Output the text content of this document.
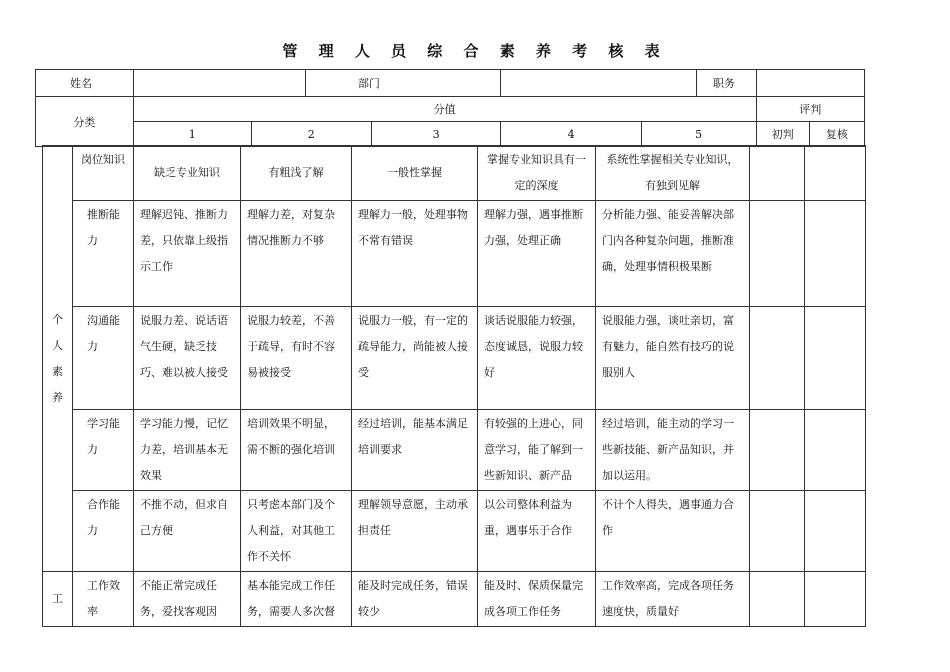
管 理 人 员 综 合 素 养 考 核 表
姓名			部门				职务		
分类	分值							评判	
	1	2		3	4	5		初判	复核
个
人
素
养	岗位知识	缺乏专业知识	有粗浅了解	一般性掌握	掌握专业知识具有一定的深度	系统性掌握相关专业知识，有独到见解		
	推断能力	理解迟钝、推断力差，只依靠上级指示工作	理解力差，对复杂情况推断力不够	理解力一般，处理事物不常有错误	理解力强，遇事推断力强，处理正确	分析能力强、能妥善解决部门内各种复杂问题，推断准确，处理事情积极果断		
	沟通能力	说服力差、说话语气生硬，缺乏技巧、难以被人接受	说服力较差，不善于疏导，有时不容易被接受	说服力一般，有一定的疏导能力，尚能被人接受	谈话说服能力较强，态度诚恳，说服力较好	说服能力强，谈吐亲切，富有魅力，能自然有技巧的说服别人		
	学习能力	学习能力慢，记忆力差，培训基本无效果	培训效果不明显，需不断的强化培训	经过培训，能基本满足培训要求	有较强的上进心，同意学习，能了解到一些新知识、新产品	经过培训，能主动的学习一些新技能、新产品知识，并加以运用。		
	合作能力	不推不动，但求自己方便	只考虑本部门及个人利益，对其他工作不关怀	理解领导意愿，主动承担责任	以公司整体利益为重，遇事乐于合作	不计个人得失，遇事通力合作		
工	工作效率	不能正常完成任务，爱找客观因	基本能完成工作任务，需要人多次督	能及时完成任务，错误较少	能及时、保质保量完成各项工作任务	工作效率高，完成各项任务速度快，质量好		
